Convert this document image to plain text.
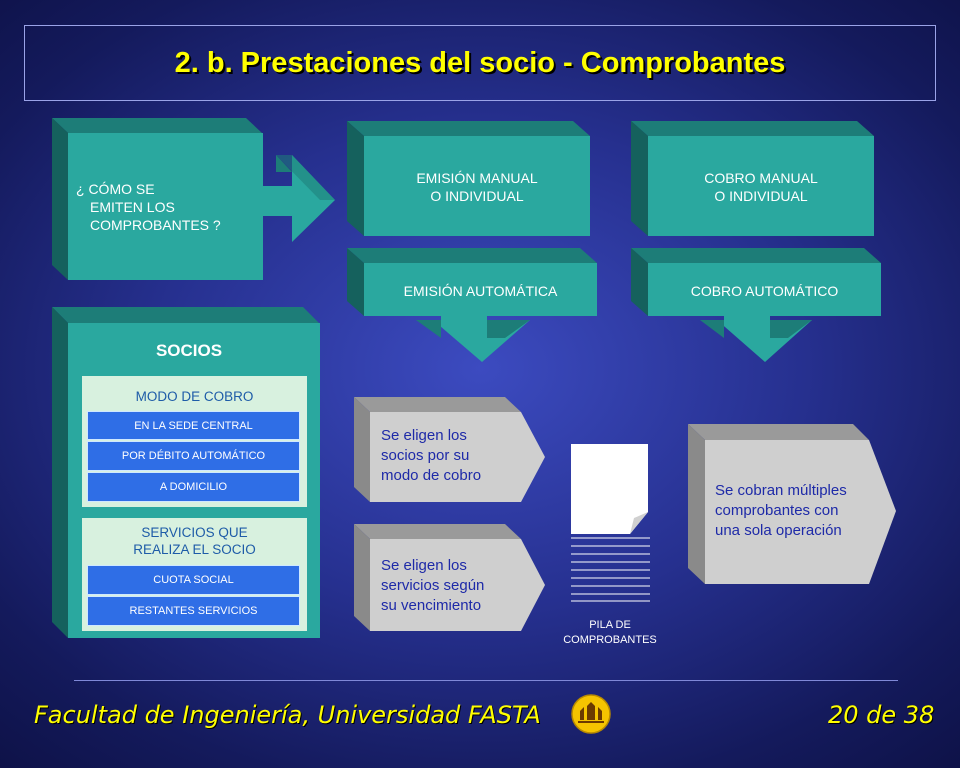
2. b. Prestaciones del socio - Comprobantes
¿ CÓMO SE
EMITEN LOS
COMPROBANTES ?
EMISIÓN MANUAL
O INDIVIDUAL
COBRO MANUAL
O INDIVIDUAL
EMISIÓN AUTOMÁTICA	COBRO AUTOMÁTICO
SOCIOS
MODO DE COBRO
EN LA SEDE CENTRAL
POR DÉBITO AUTOMÁTICO
A DOMICILIO
SERVICIOS QUE
REALIZA EL SOCIO
CUOTA SOCIAL
RESTANTES SERVICIOS
Se eligen los
socios por su
modo de cobro
Se eligen los
servicios según
su vencimiento
Se cobran múltiples
comprobantes con
una sola operación
PILA DE
COMPROBANTES
Facultad de Ingeniería, Universidad FASTA	20 de 38
